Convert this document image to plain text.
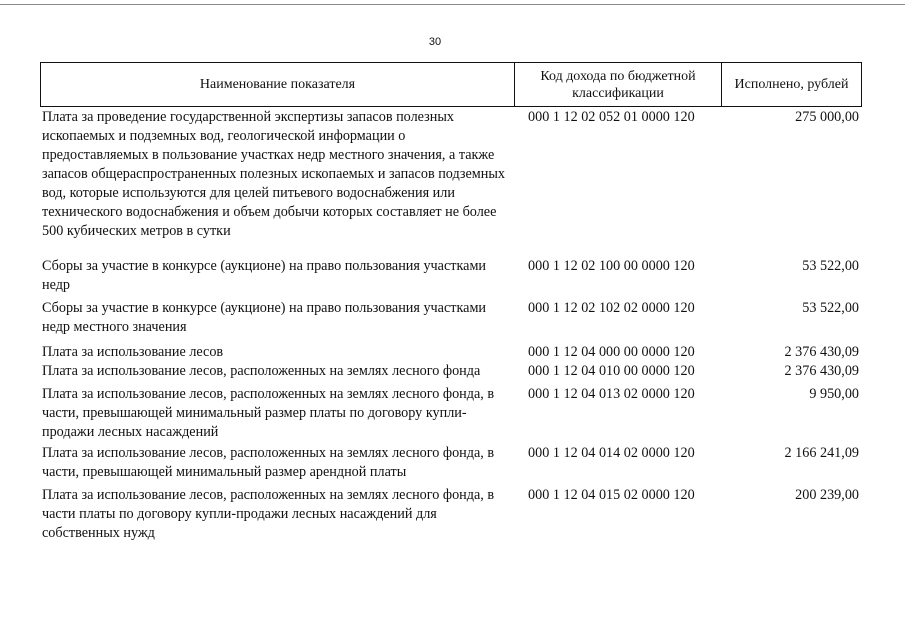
30
Наименование показателя	Код дохода по бюджетной классификации	Исполнено, рублей
Плата за проведение государственной экспертизы запасов полезных ископаемых и подземных вод, геологической информации о предоставляемых в пользование участках недр местного значения, а также запасов общераспространенных полезных ископаемых и запасов подземных вод, которые используются для целей питьевого водоснабжения или технического водоснабжения и объем добычи которых составляет не более 500 кубических метров в сутки	000 1 12 02 052 01 0000 120	275 000,00

Сборы за участие в конкурсе (аукционе) на право пользования участками недр	000 1 12 02 100 00 0000 120	53 522,00

Сборы за участие в конкурсе (аукционе) на право пользования участками недр местного значения	000 1 12 02 102 02 0000 120	53 522,00

Плата за использование лесов	000 1 12 04 000 00 0000 120	2 376 430,09
Плата за использование лесов, расположенных на землях лесного фонда	000 1 12 04 010 00 0000 120	2 376 430,09

Плата за использование лесов, расположенных на землях лесного фонда, в части, превышающей минимальный размер платы по договору купли-продажи лесных насаждений	000 1 12 04 013 02 0000 120	9 950,00

Плата за использование лесов, расположенных на землях лесного фонда, в части, превышающей минимальный размер арендной платы	000 1 12 04 014 02 0000 120	2 166 241,09

Плата за использование лесов, расположенных на землях лесного фонда, в части платы по договору купли-продажи лесных насаждений для собственных нужд	000 1 12 04 015 02 0000 120	200 239,00
